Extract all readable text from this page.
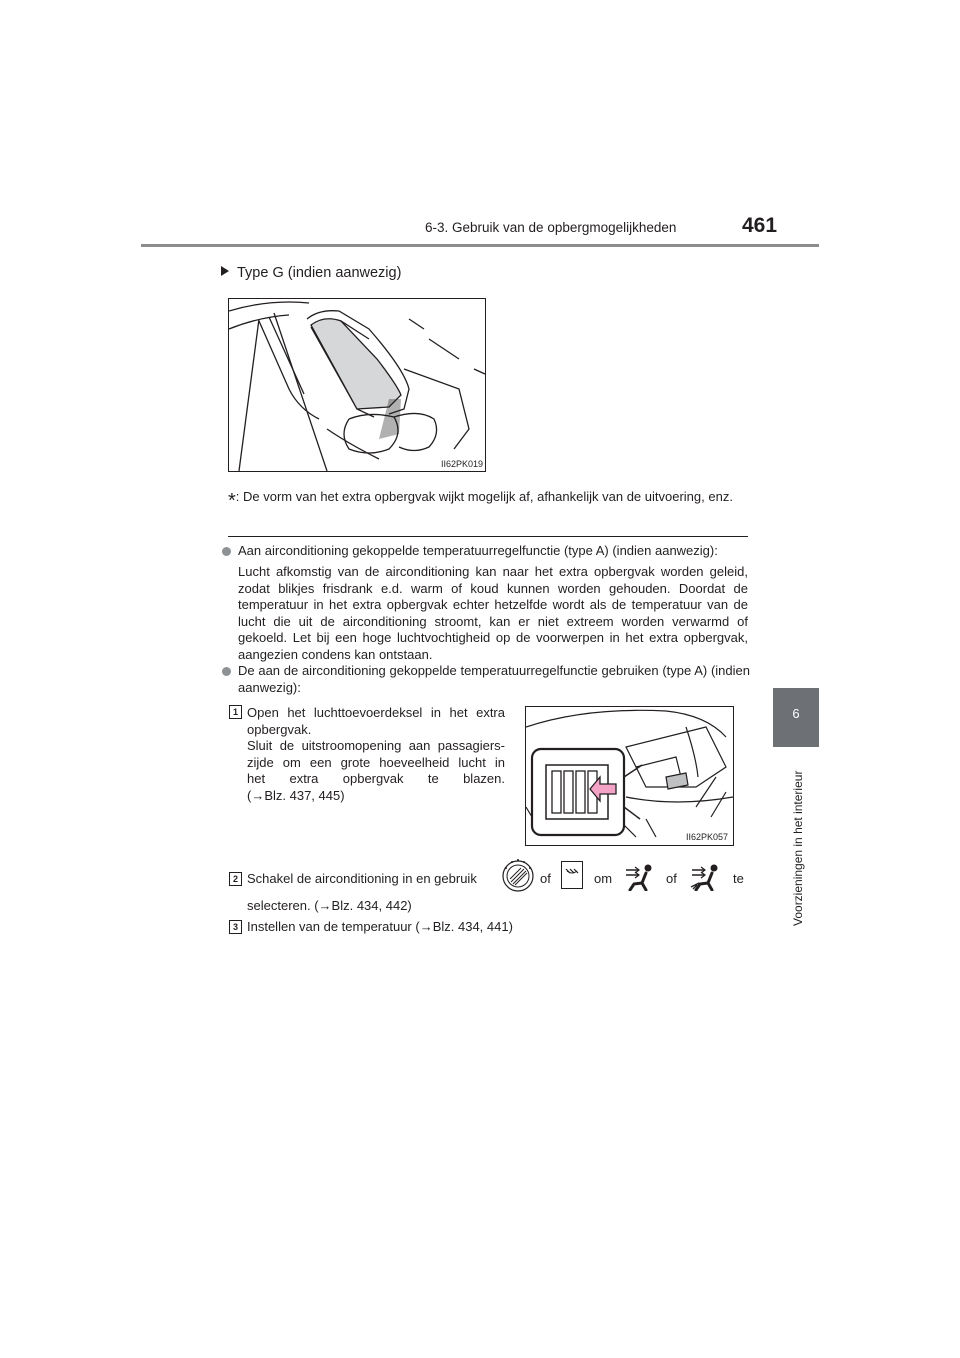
6-3. Gebruik van de opbergmogelijkheden	461
6
Voorzieningen in het interieur
Type G (indien aanwezig)
II62PK019
*: De vorm van het extra opbergvak wijkt mogelijk af, afhankelijk van de uitvoering, enz.
Aan airconditioning gekoppelde temperatuurregelfunctie (type A) (indien aanwezig):
Lucht afkomstig van de airconditioning kan naar het extra opbergvak worden geleid, zodat blikjes frisdrank e.d. warm of koud kunnen worden gehouden. Doordat de temperatuur in het extra opbergvak echter hetzelfde wordt als de temperatuur van de lucht die uit de airconditioning stroomt, kan er niet extreem worden verwarmd of gekoeld. Let bij een hoge luchtvochtigheid op de voorwerpen in het extra opbergvak, aangezien condens kan ontstaan.
De aan de airconditioning gekoppelde temperatuurregelfunctie gebruiken (type A) (indien aanwezig):
1 Open het luchttoevoerdeksel in het extra
opbergvak.
Sluit de uitstroomopening aan passagiers-
zijde om een grote hoeveelheid lucht in
het extra opbergvak te blazen.
(→Blz. 437, 445)
II62PK057
2 Schakel de airconditioning in en gebruik	of	om	of	te
selecteren. (→Blz. 434, 442)
3 Instellen van de temperatuur (→Blz. 434, 441)
